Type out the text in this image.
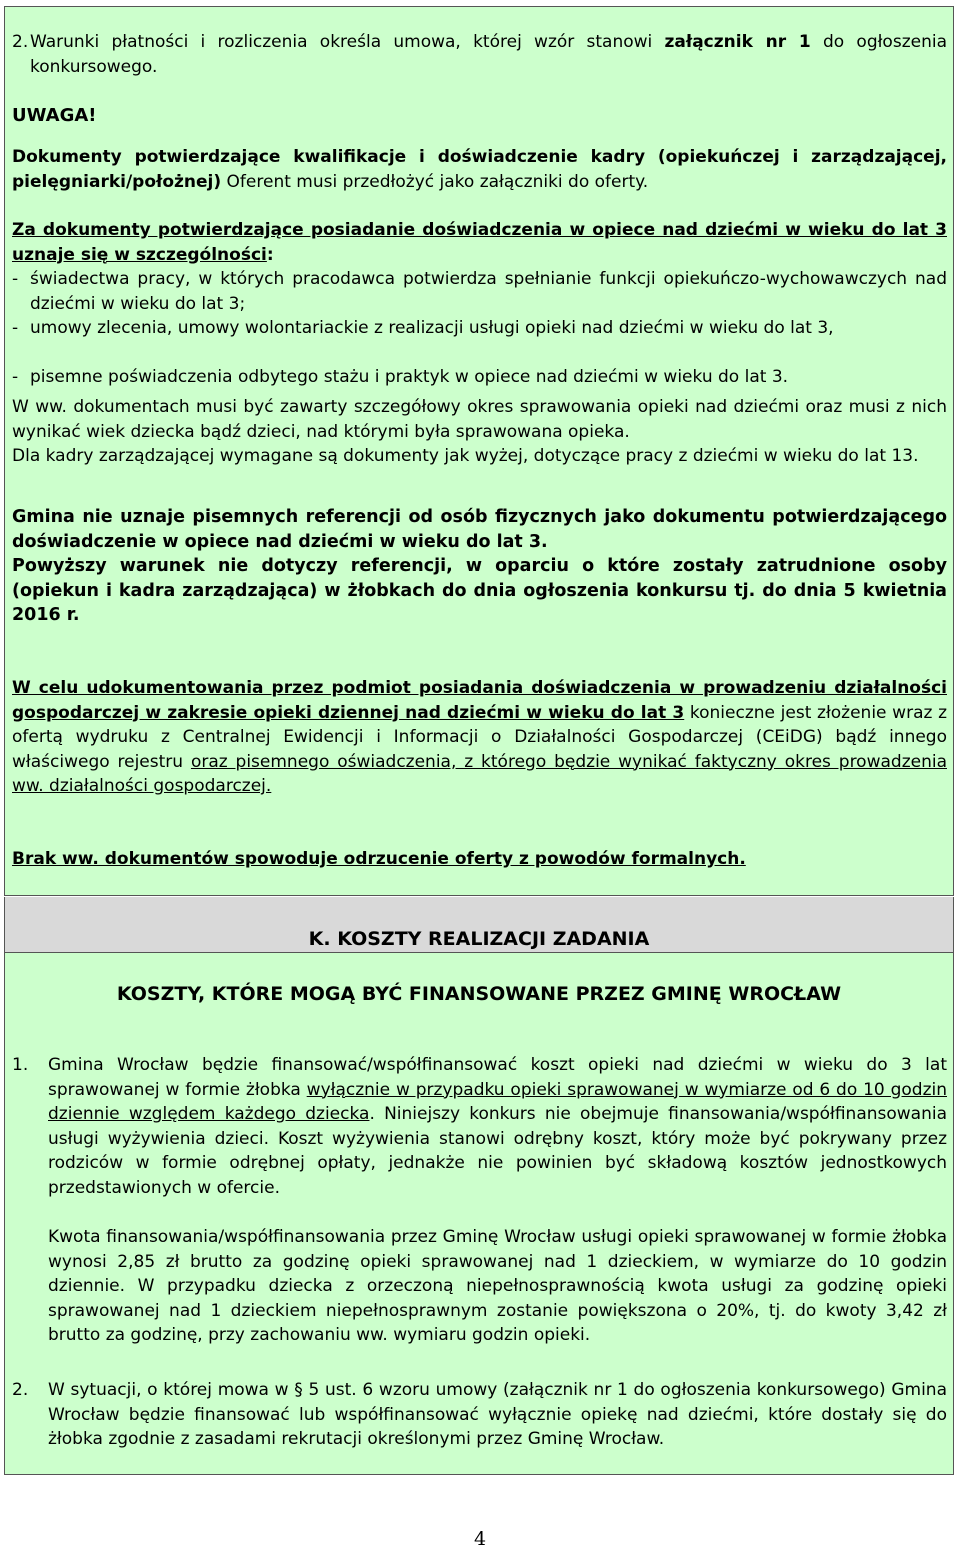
2. Warunki płatności i rozliczenia określa umowa, której wzór stanowi załącznik nr 1 do ogłoszenia konkursowego.
UWAGA!
Dokumenty potwierdzające kwalifikacje i doświadczenie kadry (opiekuńczej i zarządzającej, pielęgniarki/położnej) Oferent musi przedłożyć jako załączniki do oferty.
Za dokumenty potwierdzające posiadanie doświadczenia w opiece nad dziećmi w wieku do lat 3 uznaje się w szczególności:
- świadectwa pracy, w których pracodawca potwierdza spełnianie funkcji opiekuńczo-wychowawczych nad dziećmi w wieku do lat 3;
- umowy zlecenia, umowy wolontariackie z realizacji usługi opieki nad dziećmi w wieku do lat 3,
- pisemne poświadczenia odbytego stażu i praktyk w opiece nad dziećmi w wieku do lat 3.
W ww. dokumentach musi być zawarty szczegółowy okres sprawowania opieki nad dziećmi oraz musi z nich wynikać wiek dziecka bądź dzieci, nad którymi była sprawowana opieka.
Dla kadry zarządzającej wymagane są dokumenty jak wyżej, dotyczące pracy z dziećmi w wieku do lat 13.
Gmina nie uznaje pisemnych referencji od osób fizycznych jako dokumentu potwierdzającego doświadczenie w opiece nad dziećmi w wieku do lat 3.
Powyższy warunek nie dotyczy referencji, w oparciu o które zostały zatrudnione osoby (opiekun i kadra zarządzająca) w żłobkach do dnia ogłoszenia konkursu tj. do dnia 5 kwietnia 2016 r.
W celu udokumentowania przez podmiot posiadania doświadczenia w prowadzeniu działalności gospodarczej w zakresie opieki dziennej nad dziećmi w wieku do lat 3 konieczne jest złożenie wraz z ofertą wydruku z Centralnej Ewidencji i Informacji o Działalności Gospodarczej (CEiDG) bądź innego właściwego rejestru oraz pisemnego oświadczenia, z którego będzie wynikać faktyczny okres prowadzenia ww. działalności gospodarczej.
Brak ww. dokumentów spowoduje odrzucenie oferty z powodów formalnych.
K. KOSZTY REALIZACJI ZADANIA
KOSZTY, KTÓRE MOGĄ BYĆ FINANSOWANE PRZEZ GMINĘ WROCŁAW
1.	Gmina Wrocław będzie finansować/współfinansować koszt opieki nad dziećmi w wieku do 3 lat sprawowanej w formie żłobka wyłącznie w przypadku opieki sprawowanej w wymiarze od 6 do 10 godzin dziennie względem każdego dziecka. Niniejszy konkurs nie obejmuje finansowania/współfinansowania usługi wyżywienia dzieci. Koszt wyżywienia stanowi odrębny koszt, który może być pokrywany przez rodziców w formie odrębnej opłaty, jednakże nie powinien być składową kosztów jednostkowych przedstawionych w ofercie.
Kwota finansowania/współfinansowania przez Gminę Wrocław usługi opieki sprawowanej w formie żłobka wynosi 2,85 zł brutto za godzinę opieki sprawowanej nad 1 dzieckiem, w wymiarze do 10 godzin dziennie. W przypadku dziecka z orzeczoną niepełnosprawnością kwota usługi za godzinę opieki sprawowanej nad 1 dzieckiem niepełnosprawnym zostanie powiększona o 20%, tj. do kwoty 3,42 zł brutto za godzinę, przy zachowaniu ww. wymiaru godzin opieki.
2.	W sytuacji, o której mowa w § 5 ust. 6 wzoru umowy (załącznik nr 1 do ogłoszenia konkursowego) Gmina Wrocław będzie finansować lub współfinansować wyłącznie opiekę nad dziećmi, które dostały się do żłobka zgodnie z zasadami rekrutacji określonymi przez Gminę Wrocław.
4
